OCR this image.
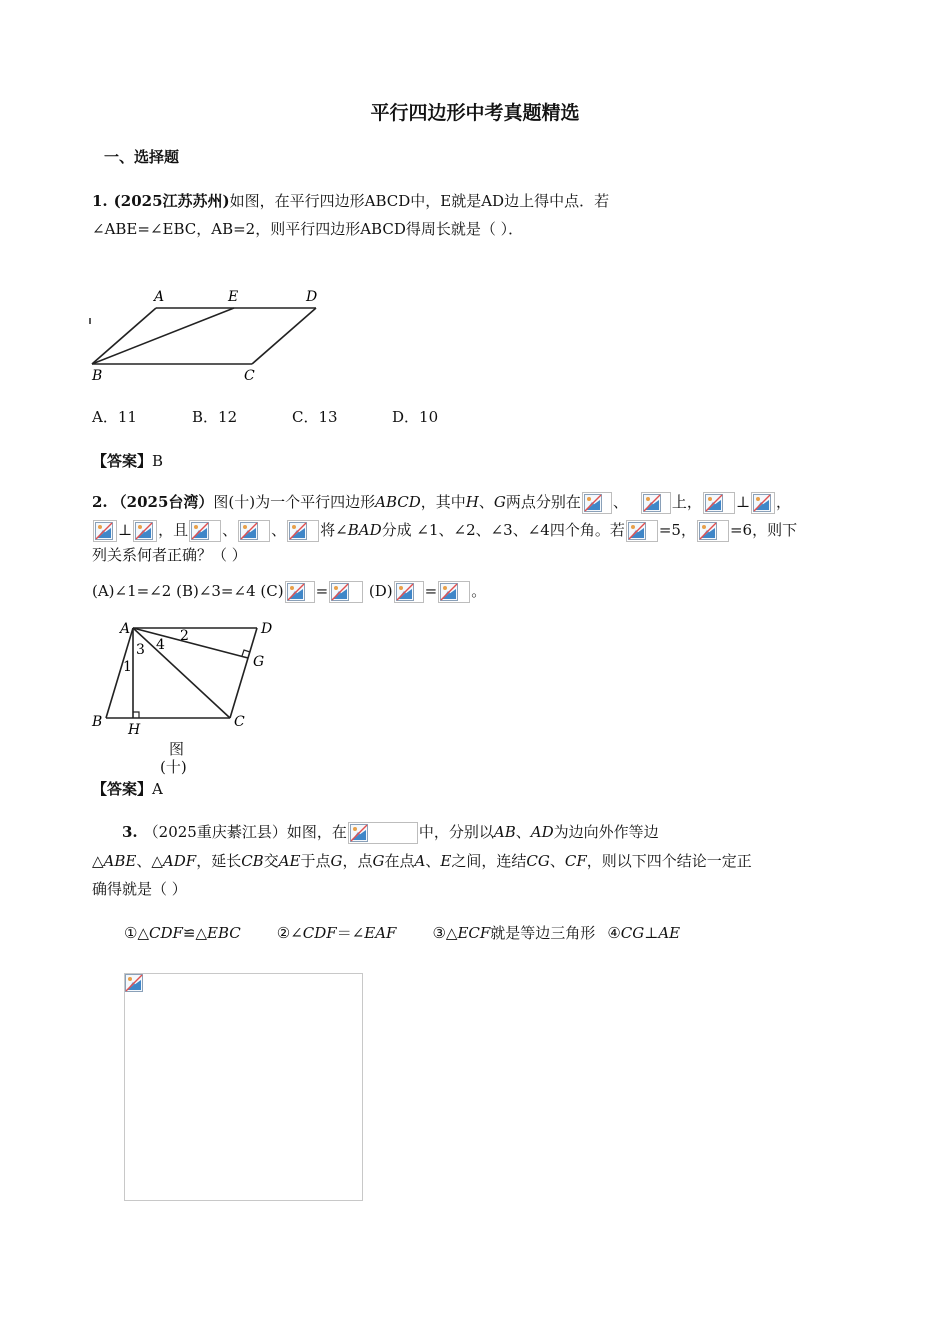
平行四边形中考真题精选
一、选择题
1. (2025江苏苏州)如图，在平行四边形ABCD中，E就是AD边上得中点．若
∠ABE=∠EBC，AB=2，则平行四边形ABCD得周长就是（ ）．
A	E	D
B	C
A．11	B．12	C．13	D．10
【答案】B
2. （2025台湾）图(十)为一个平行四边形ABCD，其中H、G两点分别在 、	上， ⊥ ，
⊥ ，且 、 、 将∠BAD分成 ∠1、∠2、∠3、∠4四个角。若 =5， =6，则下
列关系何者正确？（ ）
(A)∠1=∠2 (B)∠3=∠4 (C) =
(D) = 。
A	D
B H	C
G
1
2
3 4
图
(十)
【答案】A
3. （2025重庆綦江县）如图，在	中，分别以AB、AD为边向外作等边
△ABE、△ADF，延长CB交AE于点G，点G在点A、E之间，连结CG、CF，则以下四个结论一定正
确得就是（ ）
①△CDF≌△EBC ②∠CDF＝∠EAF ③△ECF就是等边三角形 ④CG⊥AE
